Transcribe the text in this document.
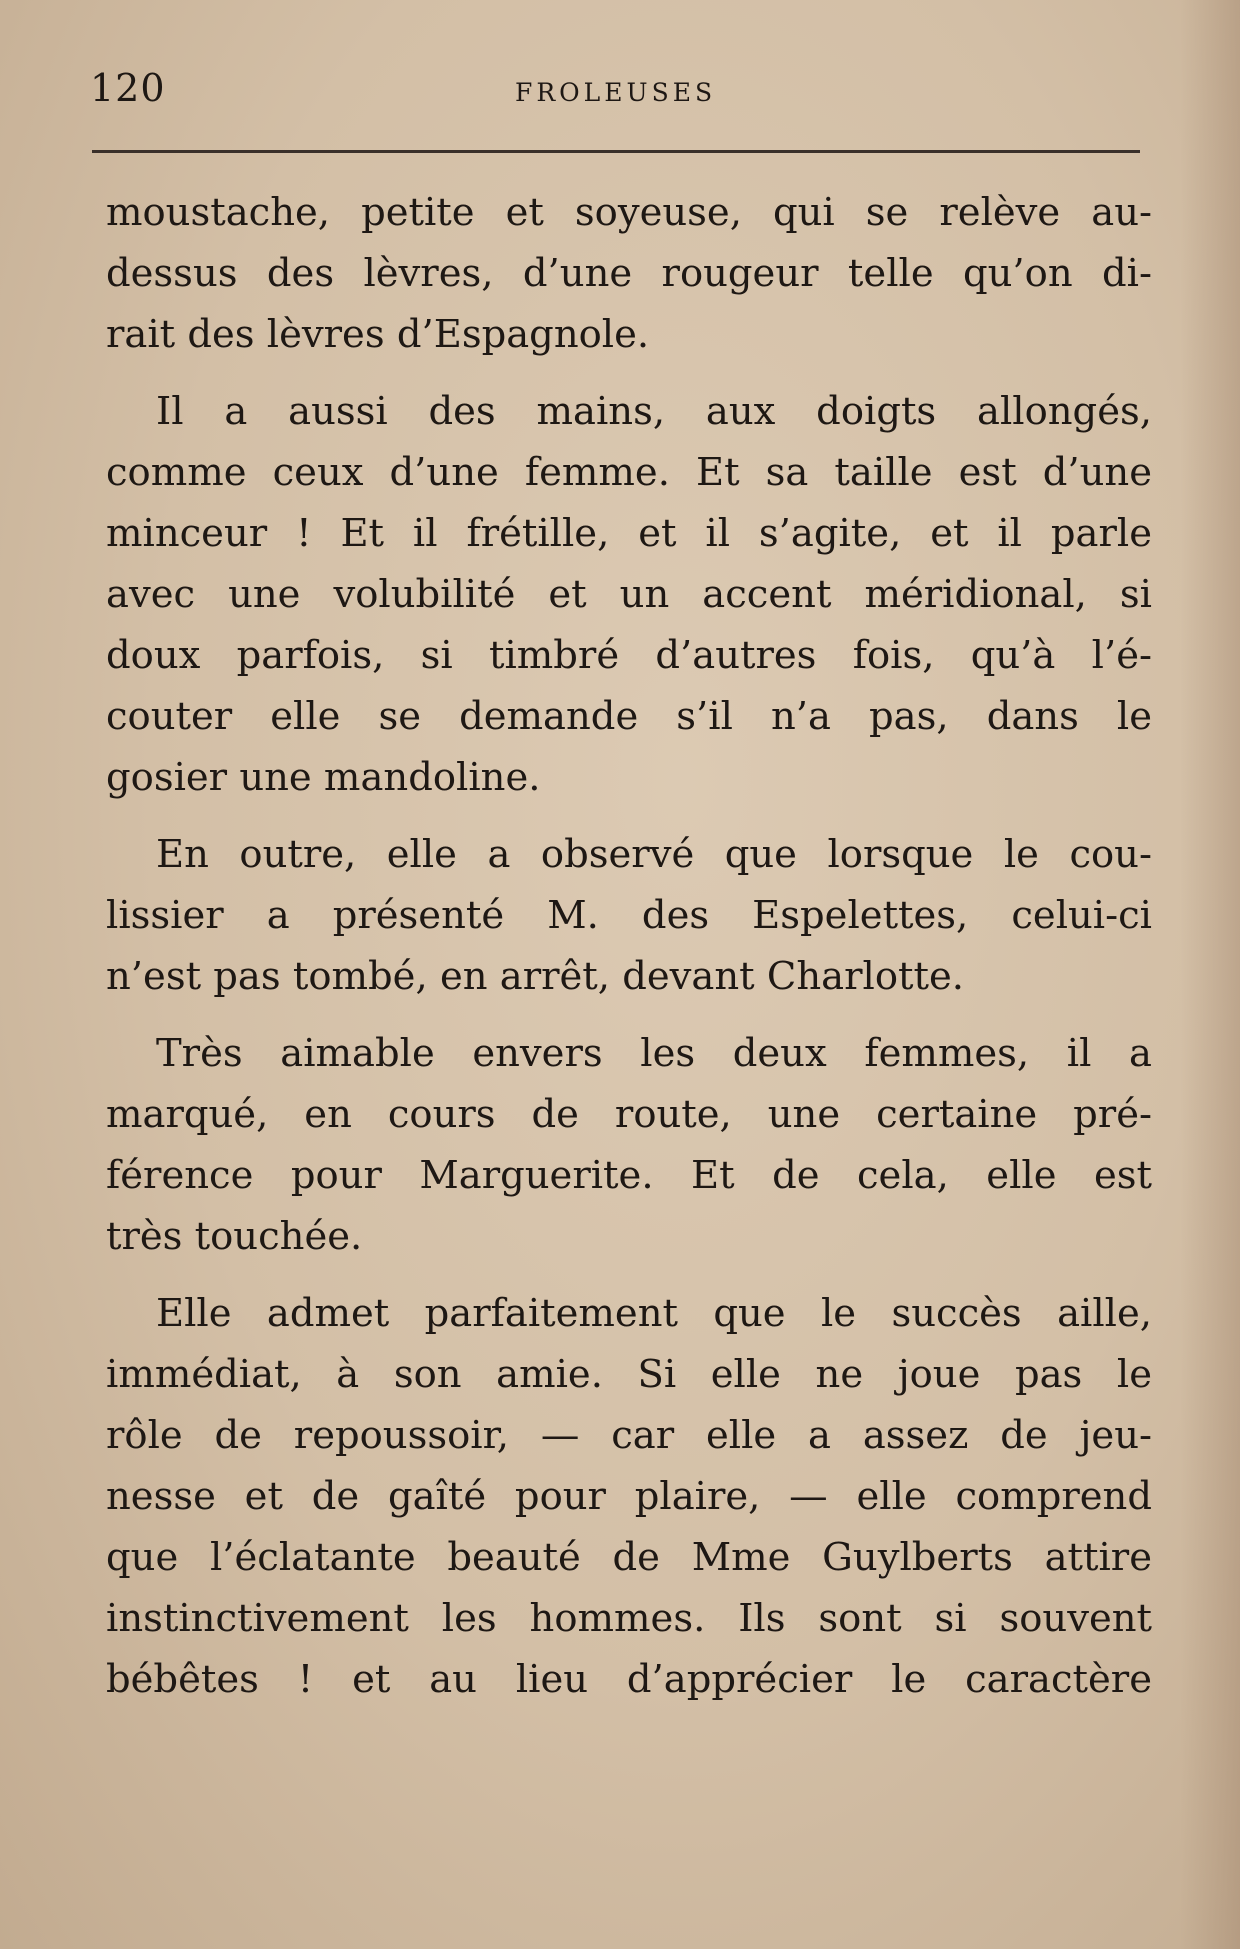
120	FROLEUSES
moustache, petite et soyeuse, qui se relève au-
dessus des lèvres, d’une rougeur telle qu’on di-
rait des lèvres d’Espagnole.
Il a aussi des mains, aux doigts allongés,
comme ceux d’une femme. Et sa taille est d’une
minceur ! Et il frétille, et il s’agite, et il parle
avec une volubilité et un accent méridional, si
doux parfois, si timbré d’autres fois, qu’à l’é-
couter elle se demande s’il n’a pas, dans le
gosier une mandoline.
En outre, elle a observé que lorsque le cou-
lissier a présenté M. des Espelettes, celui-ci
n’est pas tombé, en arrêt, devant Charlotte.
Très aimable envers les deux femmes, il a
marqué, en cours de route, une certaine pré-
férence pour Marguerite. Et de cela, elle est
très touchée.
Elle admet parfaitement que le succès aille,
immédiat, à son amie. Si elle ne joue pas le
rôle de repoussoir, — car elle a assez de jeu-
nesse et de gaîté pour plaire, — elle comprend
que l’éclatante beauté de Mme Guylberts attire
instinctivement les hommes. Ils sont si souvent
bébêtes ! et au lieu d’apprécier le caractère
